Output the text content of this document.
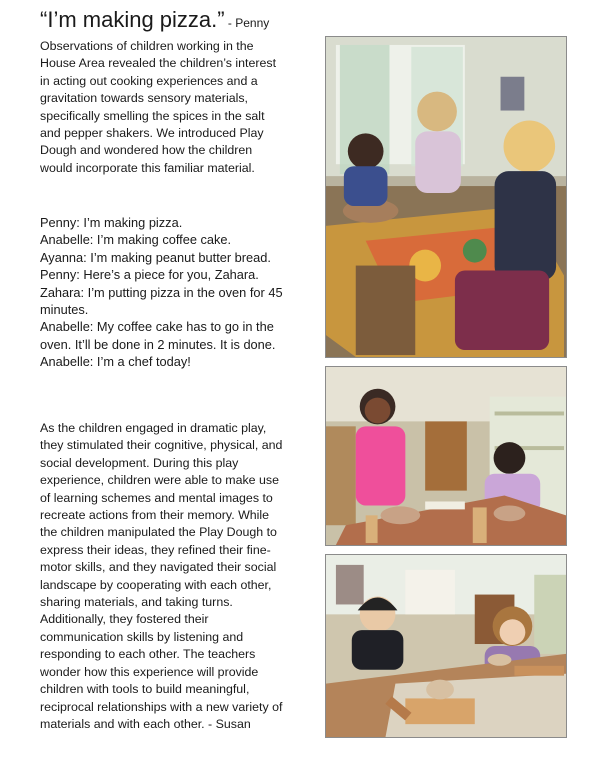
“I’m making pizza.” - Penny

Observations of children working in the House Area revealed the children’s interest in acting out cooking experiences and a gravitation towards sensory materials, specifically smelling the spices in the salt and pepper shakers. We introduced Play Dough and wondered how the children would incorporate this familiar material.

Penny: I’m making pizza.

Anabelle: I’m making coffee cake.

Ayanna: I’m making peanut butter bread.

Penny: Here’s a piece for you, Zahara.

Zahara: I’m putting pizza in the oven for 45 minutes.

Anabelle: My coffee cake has to go in the oven. It’ll be done in 2 minutes. It is done.

Anabelle: I’m a chef today!

As the children engaged in dramatic play, they stimulated their cognitive, physical, and social development. During this play experience, children were able to make use of learning schemes and mental images to recreate actions from their memory. While the children manipulated the Play Dough to express their ideas, they refined their fine-motor skills, and they navigated their social landscape by cooperating with each other, sharing materials, and taking turns. Additionally, they fostered their communication skills by listening and responding to each other. The teachers wonder how this experience will provide children with tools to build meaningful, reciprocal relationships with a new variety of materials and with each other. - Susan
